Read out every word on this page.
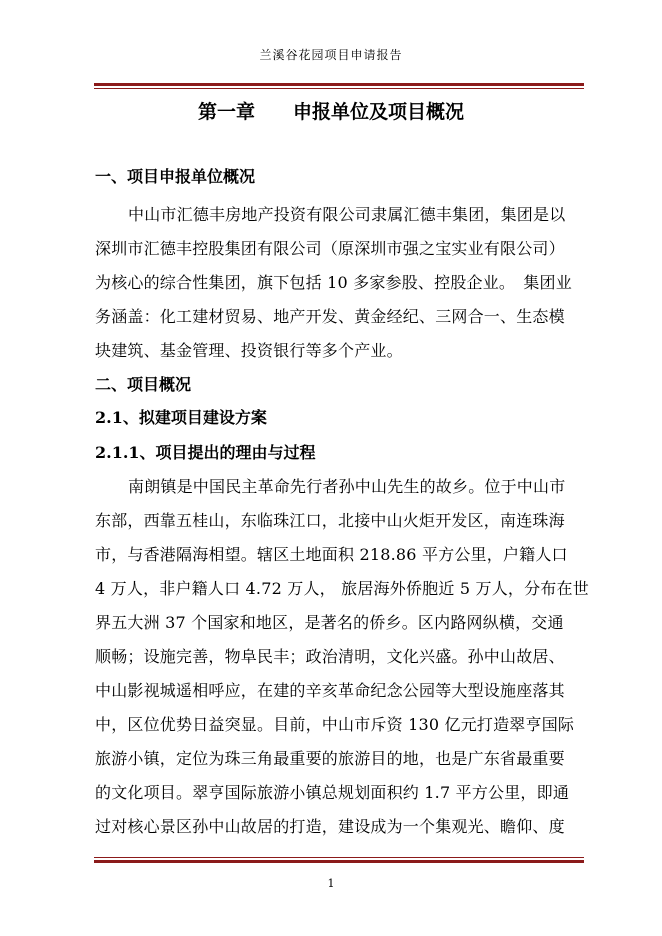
兰溪谷花园项目申请报告
第一章　　申报单位及项目概况
一、项目申报单位概况
中山市汇德丰房地产投资有限公司隶属汇德丰集团，集团是以
深圳市汇德丰控股集团有限公司（原深圳市强之宝实业有限公司）
为核心的综合性集团，旗下包括 10 多家参股、控股企业。　集团业
务涵盖：化工建材贸易、地产开发、黄金经纪、三网合一、生态模
块建筑、基金管理、投资银行等多个产业。
二、项目概况
2.1、拟建项目建设方案
2.1.1、项目提出的理由与过程
南朗镇是中国民主革命先行者孙中山先生的故乡。位于中山市
东部，西靠五桂山，东临珠江口，北接中山火炬开发区，南连珠海
市，与香港隔海相望。辖区土地面积 218.86 平方公里，户籍人口
4 万人，非户籍人口 4.72 万人， 旅居海外侨胞近 5 万人，分布在世
界五大洲 37 个国家和地区，是著名的侨乡。区内路网纵横，交通
顺畅；设施完善，物阜民丰；政治清明，文化兴盛。孙中山故居、
中山影视城遥相呼应，在建的辛亥革命纪念公园等大型设施座落其
中，区位优势日益突显。目前，中山市斥资 130 亿元打造翠亨国际
旅游小镇，定位为珠三角最重要的旅游目的地，也是广东省最重要
的文化项目。翠亨国际旅游小镇总规划面积约 1.7 平方公里，即通
过对核心景区孙中山故居的打造，建设成为一个集观光、瞻仰、度
1
